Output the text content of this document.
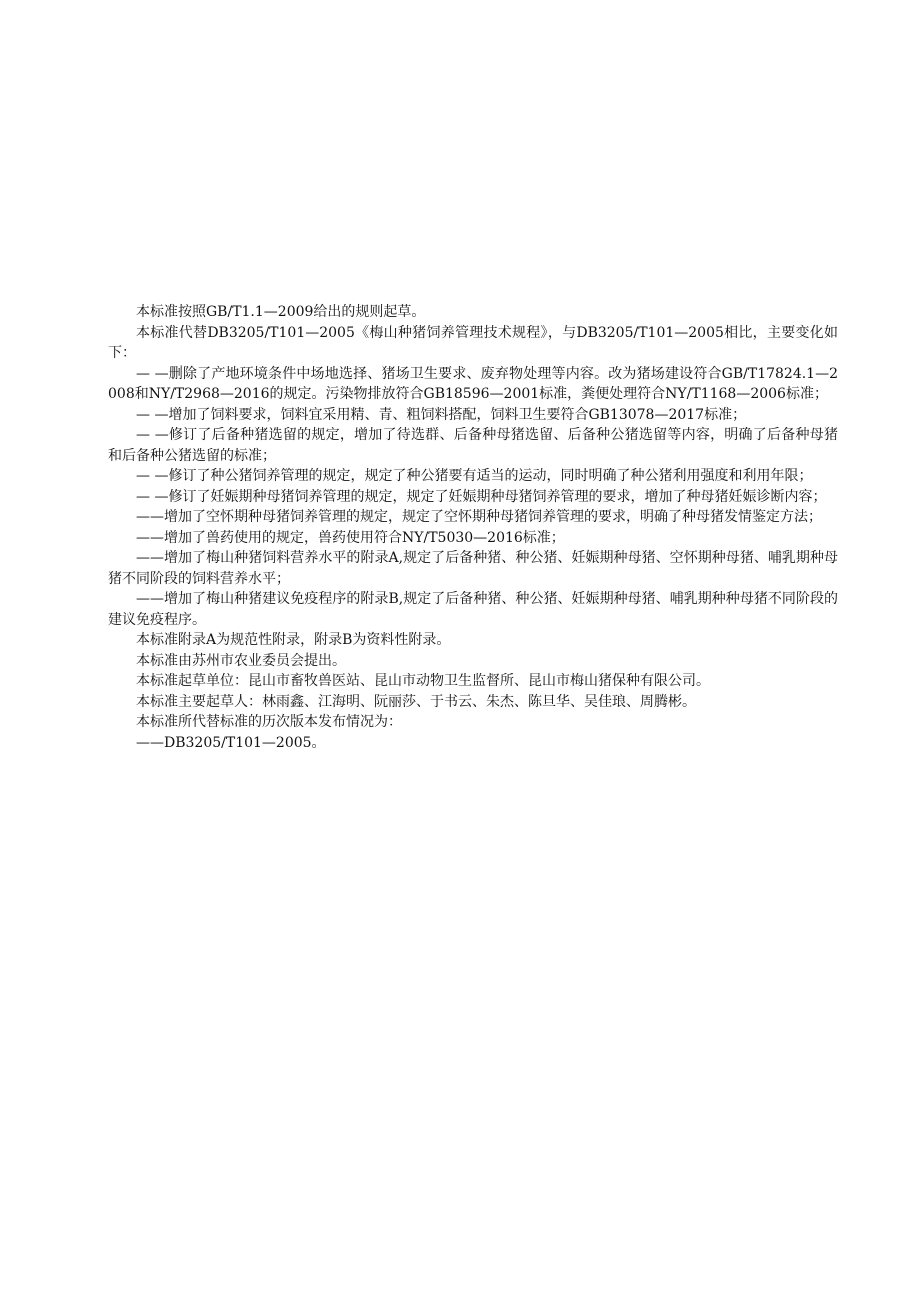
本标准按照GB/T1.1—2009给出的规则起草。

本标准代替DB3205/T101—2005《梅山种猪饲养管理技术规程》，与DB3205/T101—2005相比，主要变化如下：

— —删除了产地环境条件中场地选择、猪场卫生要求、废弃物处理等内容。改为猪场建设符合GB/T17824.1—2008和NY/T2968—2016的规定。污染物排放符合GB18596—2001标准，粪便处理符合NY/T1168—2006标准；

— —增加了饲料要求，饲料宜采用精、青、粗饲料搭配，饲料卫生要符合GB13078—2017标准；

— —修订了后备种猪选留的规定，增加了待选群、后备种母猪选留、后备种公猪选留等内容，明确了后备种母猪和后备种公猪选留的标准；

— —修订了种公猪饲养管理的规定，规定了种公猪要有适当的运动，同时明确了种公猪利用强度和利用年限；

— —修订了妊娠期种母猪饲养管理的规定，规定了妊娠期种母猪饲养管理的要求，增加了种母猪妊娠诊断内容；

——增加了空怀期种母猪饲养管理的规定，规定了空怀期种母猪饲养管理的要求，明确了种母猪发情鉴定方法；

——增加了兽药使用的规定，兽药使用符合NY/T5030—2016标准；

——增加了梅山种猪饲料营养水平的附录A,规定了后备种猪、种公猪、妊娠期种母猪、空怀期种母猪、哺乳期种母猪不同阶段的饲料营养水平；

——增加了梅山种猪建议免疫程序的附录B,规定了后备种猪、种公猪、妊娠期种母猪、哺乳期种种母猪不同阶段的建议免疫程序。

本标准附录A为规范性附录，附录B为资料性附录。

本标准由苏州市农业委员会提出。

本标准起草单位：昆山市畜牧兽医站、昆山市动物卫生监督所、昆山市梅山猪保种有限公司。

本标准主要起草人：林雨鑫、江海明、阮丽莎、于书云、朱杰、陈旦华、吴佳琅、周腾彬。

本标准所代替标准的历次版本发布情况为：

——DB3205/T101—2005。
